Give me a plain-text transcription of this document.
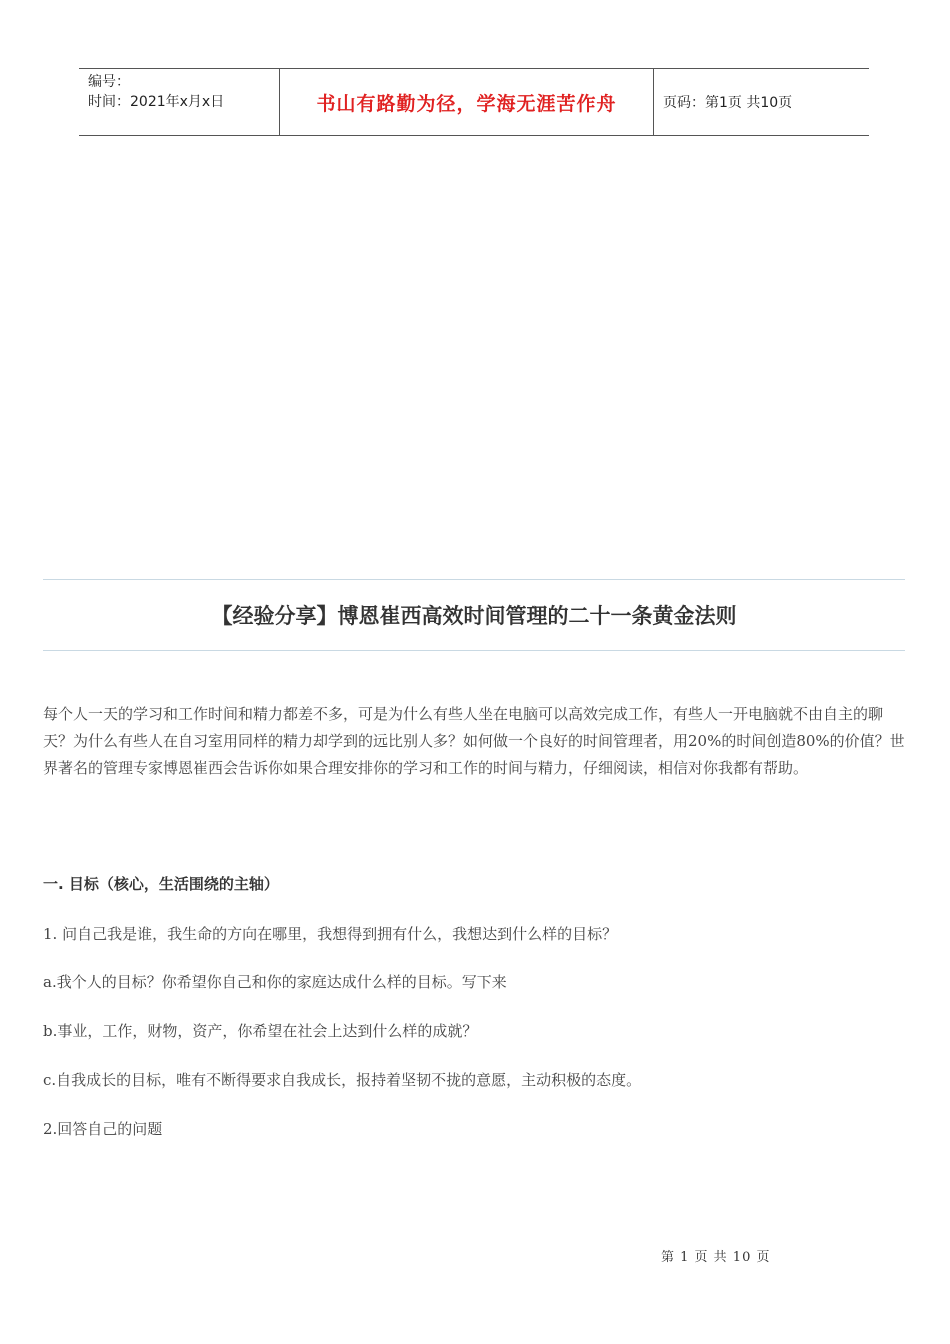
编号：
时间：2021年x月x日	书山有路勤为径，学海无涯苦作舟	页码：第1页 共10页
【经验分享】博恩崔西高效时间管理的二十一条黄金法则
每个人一天的学习和工作时间和精力都差不多，可是为什么有些人坐在电脑可以高效完成工作，有些人一开电脑就不由自主的聊天？为什么有些人在自习室用同样的精力却学到的远比别人多？如何做一个良好的时间管理者，用20%的时间创造80%的价值？世界著名的管理专家博恩崔西会告诉你如果合理安排你的学习和工作的时间与精力，仔细阅读，相信对你我都有帮助。
一. 目标（核心，生活围绕的主轴）
1. 问自己我是谁，我生命的方向在哪里，我想得到拥有什么，我想达到什么样的目标？
a.我个人的目标？你希望你自己和你的家庭达成什么样的目标。写下来
b.事业，工作，财物，资产，你希望在社会上达到什么样的成就？
c.自我成长的目标，唯有不断得要求自我成长，报持着坚韧不拢的意愿，主动积极的态度。
2.回答自己的问题
第 1 页 共 10 页
